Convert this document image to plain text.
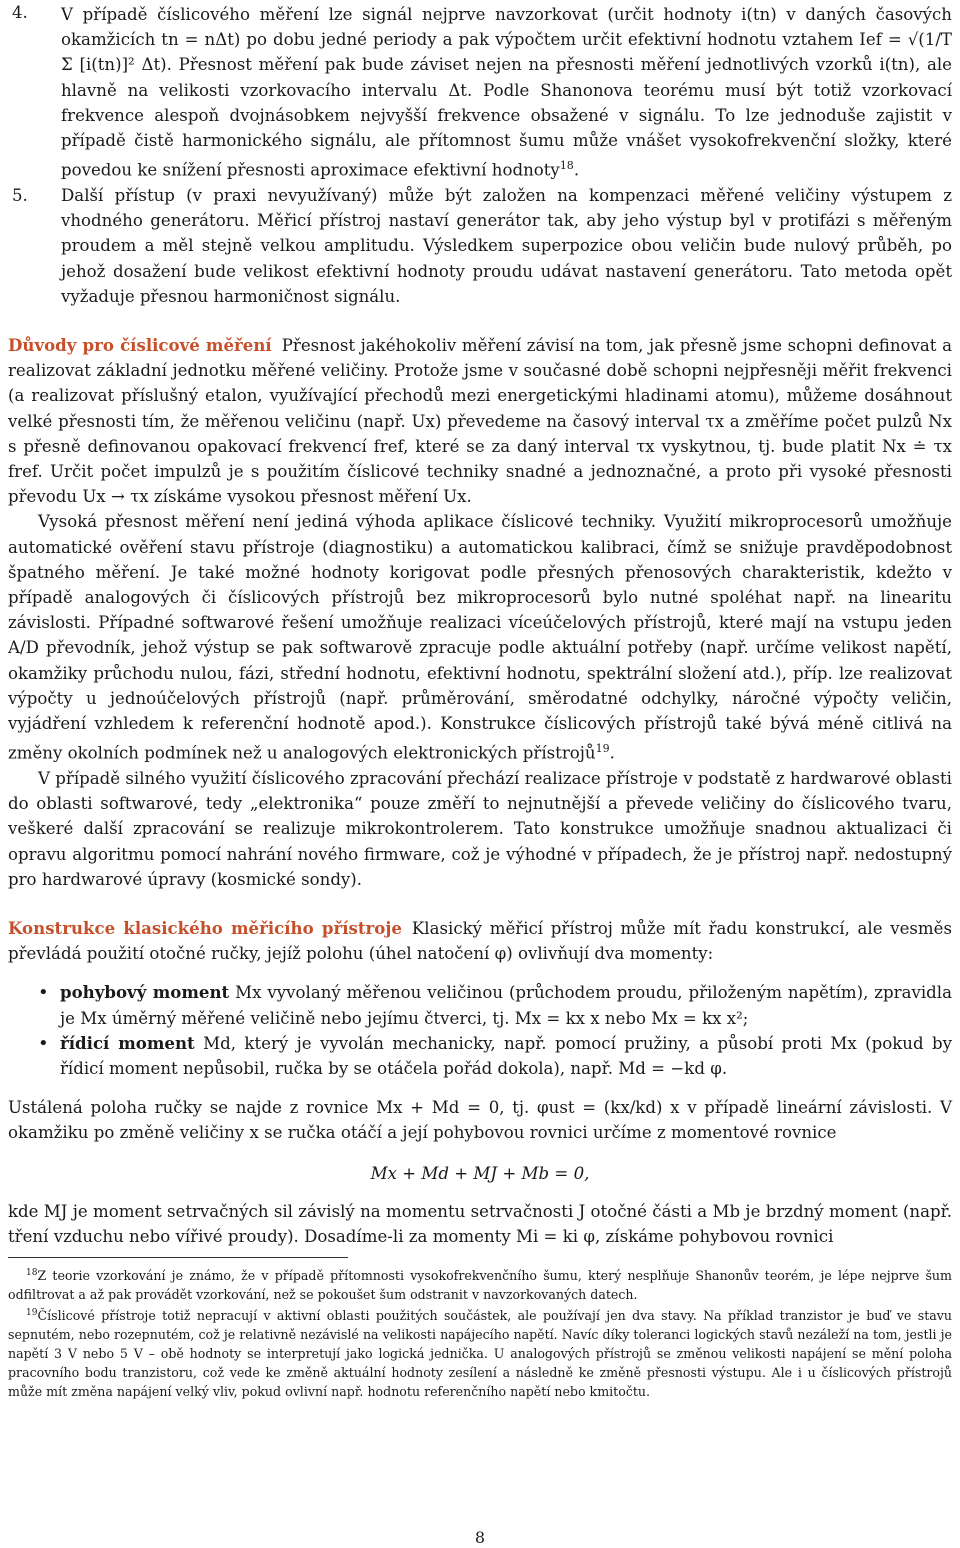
4. V případě číslicového měření lze signál nejprve navzorkovat (určit hodnoty i(tn) v daných časových okamžicích tn = nΔt) po dobu jedné periody a pak výpočtem určit efektivní hodnotu vztahem Ief = √(1/T Σ [i(tn)]² Δt). Přesnost měření pak bude záviset nejen na přesnosti měření jednotlivých vzorků i(tn), ale hlavně na velikosti vzorkovacího intervalu Δt. Podle Shanonova teorému musí být totiž vzorkovací frekvence alespoň dvojnásobkem nejvyšší frekvence obsažené v signálu. To lze jednoduše zajistit v případě čistě harmonického signálu, ale přítomnost šumu může vnášet vysokofrekvenční složky, které povedou ke snížení přesnosti aproximace efektivní hodnoty$^{18}$.
5. Další přístup (v praxi nevyužívaný) může být založen na kompenzaci měřené veličiny výstupem z vhodného generátoru. Měřicí přístroj nastaví generátor tak, aby jeho výstup byl v protifázi s měřeným proudem a měl stejně velkou amplitudu. Výsledkem superpozice obou veličin bude nulový průběh, po jehož dosažení bude velikost efektivní hodnoty proudu udávat nastavení generátoru. Tato metoda opět vyžaduje přesnou harmoničnost signálu.

Důvody pro číslicové měření Přesnost jakéhokoliv měření závisí na tom, jak přesně jsme schopni definovat a realizovat základní jednotku měřené veličiny. Protože jsme v současné době schopni nejpřesněji měřit frekvenci (a realizovat příslušný etalon, využívající přechodů mezi energetickými hladinami atomu), můžeme dosáhnout velké přesnosti tím, že měřenou veličinu (např. Ux) převedeme na časový interval τx a změříme počet pulzů Nx s přesně definovanou opakovací frekvencí fref, které se za daný interval τx vyskytnou, tj. bude platit Nx ≐ τx fref. Určit počet impulzů je s použitím číslicové techniky snadné a jednoznačné, a proto při vysoké přesnosti převodu Ux → τx získáme vysokou přesnost měření Ux.

Vysoká přesnost měření není jediná výhoda aplikace číslicové techniky. Využití mikroprocesorů umožňuje automatické ověření stavu přístroje (diagnostiku) a automatickou kalibraci, čímž se snižuje pravděpodobnost špatného měření. Je také možné hodnoty korigovat podle přesných přenosových charakteristik, kdežto v případě analogových či číslicových přístrojů bez mikroprocesorů bylo nutné spoléhat např. na linearitu závislosti. Případné softwarové řešení umožňuje realizaci víceúčelových přístrojů, které mají na vstupu jeden A/D převodník, jehož výstup se pak softwarově zpracuje podle aktuální potřeby (např. určíme velikost napětí, okamžiky průchodu nulou, fázi, střední hodnotu, efektivní hodnotu, spektrální složení atd.), příp. lze realizovat výpočty u jednoúčelových přístrojů (např. průměrování, směrodatné odchylky, náročné výpočty veličin, vyjádření vzhledem k referenční hodnotě apod.). Konstrukce číslicových přístrojů také bývá méně citlivá na změny okolních podmínek než u analogových elektronických přístrojů$^{19}$.

V případě silného využití číslicového zpracování přechází realizace přístroje v podstatě z hardwarové oblasti do oblasti softwarové, tedy „elektronika“ pouze změří to nejnutnější a převede veličiny do číslicového tvaru, veškeré další zpracování se realizuje mikrokontrolerem. Tato konstrukce umožňuje snadnou aktualizaci či opravu algoritmu pomocí nahrání nového firmware, což je výhodné v případech, že je přístroj např. nedostupný pro hardwarové úpravy (kosmické sondy).

Konstrukce klasického měřicího přístroje Klasický měřicí přístroj může mít řadu konstrukcí, ale vesměs převládá použití otočné ručky, jejíž polohu (úhel natočení φ) ovlivňují dva momenty:

• pohybový moment Mx vyvolaný měřenou veličinou (průchodem proudu, přiloženým napětím), zpravidla je Mx úměrný měřené veličině nebo jejímu čtverci, tj. Mx = kx x nebo Mx = kx x²;
• řídicí moment Md, který je vyvolán mechanicky, např. pomocí pružiny, a působí proti Mx (pokud by řídicí moment nepůsobil, ručka by se otáčela pořád dokola), např. Md = −kd φ.

Ustálená poloha ručky se najde z rovnice Mx + Md = 0, tj. φust = (kx/kd) x v případě lineární závislosti. V okamžiku po změně veličiny x se ručka otáčí a její pohybovou rovnici určíme z momentové rovnice

Mx + Md + MJ + Mb = 0,

kde MJ je moment setrvačných sil závislý na momentu setrvačnosti J otočné části a Mb je brzdný moment (např. tření vzduchu nebo vířivé proudy). Dosadíme-li za momenty Mi = ki φ, získáme pohybovou rovnici

$^{18}$Z teorie vzorkování je známo, že v případě přítomnosti vysokofrekvenčního šumu, který nesplňuje Shanonův teorém, je lépe nejprve šum odfiltrovat a až pak provádět vzorkování, než se pokoušet šum odstranit v navzorkovaných datech.

$^{19}$Číslicové přístroje totiž nepracují v aktivní oblasti použitých součástek, ale používají jen dva stavy. Na příklad tranzistor je buď ve stavu sepnutém, nebo rozepnutém, což je relativně nezávislé na velikosti napájecího napětí. Navíc díky toleranci logických stavů nezáleží na tom, jestli je napětí 3 V nebo 5 V – obě hodnoty se interpretují jako logická jednička. U analogových přístrojů se změnou velikosti napájení se mění poloha pracovního bodu tranzistoru, což vede ke změně aktuální hodnoty zesílení a následně ke změně přesnosti výstupu. Ale i u číslicových přístrojů může mít změna napájení velký vliv, pokud ovlivní např. hodnotu referenčního napětí nebo kmitočtu.

8
